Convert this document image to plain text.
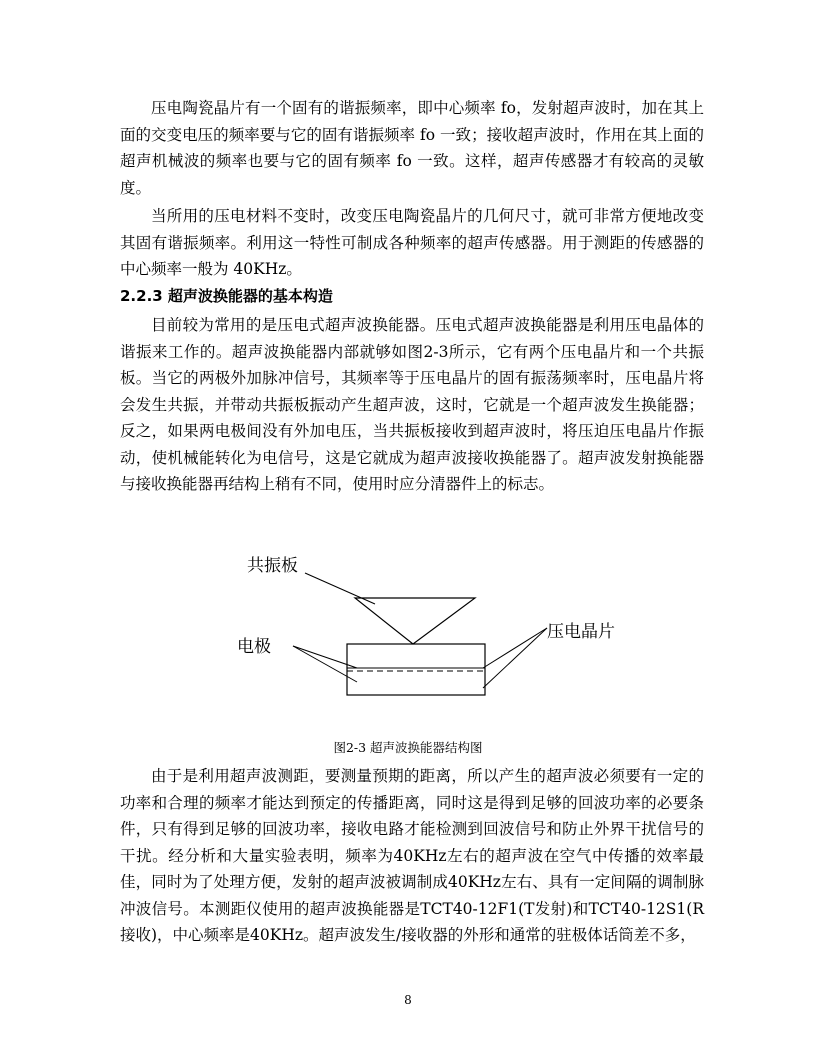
压电陶瓷晶片有一个固有的谐振频率，即中心频率 fo，发射超声波时，加在其上面的交变电压的频率要与它的固有谐振频率 fo 一致；接收超声波时，作用在其上面的超声机械波的频率也要与它的固有频率 fo 一致。这样，超声传感器才有较高的灵敏度。
当所用的压电材料不变时，改变压电陶瓷晶片的几何尺寸，就可非常方便地改变其固有谐振频率。利用这一特性可制成各种频率的超声传感器。用于测距的传感器的中心频率一般为 40KHz。
2.2.3 超声波换能器的基本构造
目前较为常用的是压电式超声波换能器。压电式超声波换能器是利用压电晶体的谐振来工作的。超声波换能器内部就够如图2-3所示，它有两个压电晶片和一个共振板。当它的两极外加脉冲信号，其频率等于压电晶片的固有振荡频率时，压电晶片将会发生共振，并带动共振板振动产生超声波，这时，它就是一个超声波发生换能器；反之，如果两电极间没有外加电压，当共振板接收到超声波时，将压迫压电晶片作振动，使机械能转化为电信号，这是它就成为超声波接收换能器了。超声波发射换能器与接收换能器再结构上稍有不同，使用时应分清器件上的标志。
共振板
电极
压电晶片
图2-3 超声波换能器结构图
由于是利用超声波测距，要测量预期的距离，所以产生的超声波必须要有一定的功率和合理的频率才能达到预定的传播距离，同时这是得到足够的回波功率的必要条件，只有得到足够的回波功率，接收电路才能检测到回波信号和防止外界干扰信号的干扰。经分析和大量实验表明，频率为40KHz左右的超声波在空气中传播的效率最佳，同时为了处理方便，发射的超声波被调制成40KHz左右、具有一定间隔的调制脉冲波信号。本测距仪使用的超声波换能器是TCT40-12F1(T发射)和TCT40-12S1(R接收)，中心频率是40KHz。超声波发生/接收器的外形和通常的驻极体话筒差不多，
8
